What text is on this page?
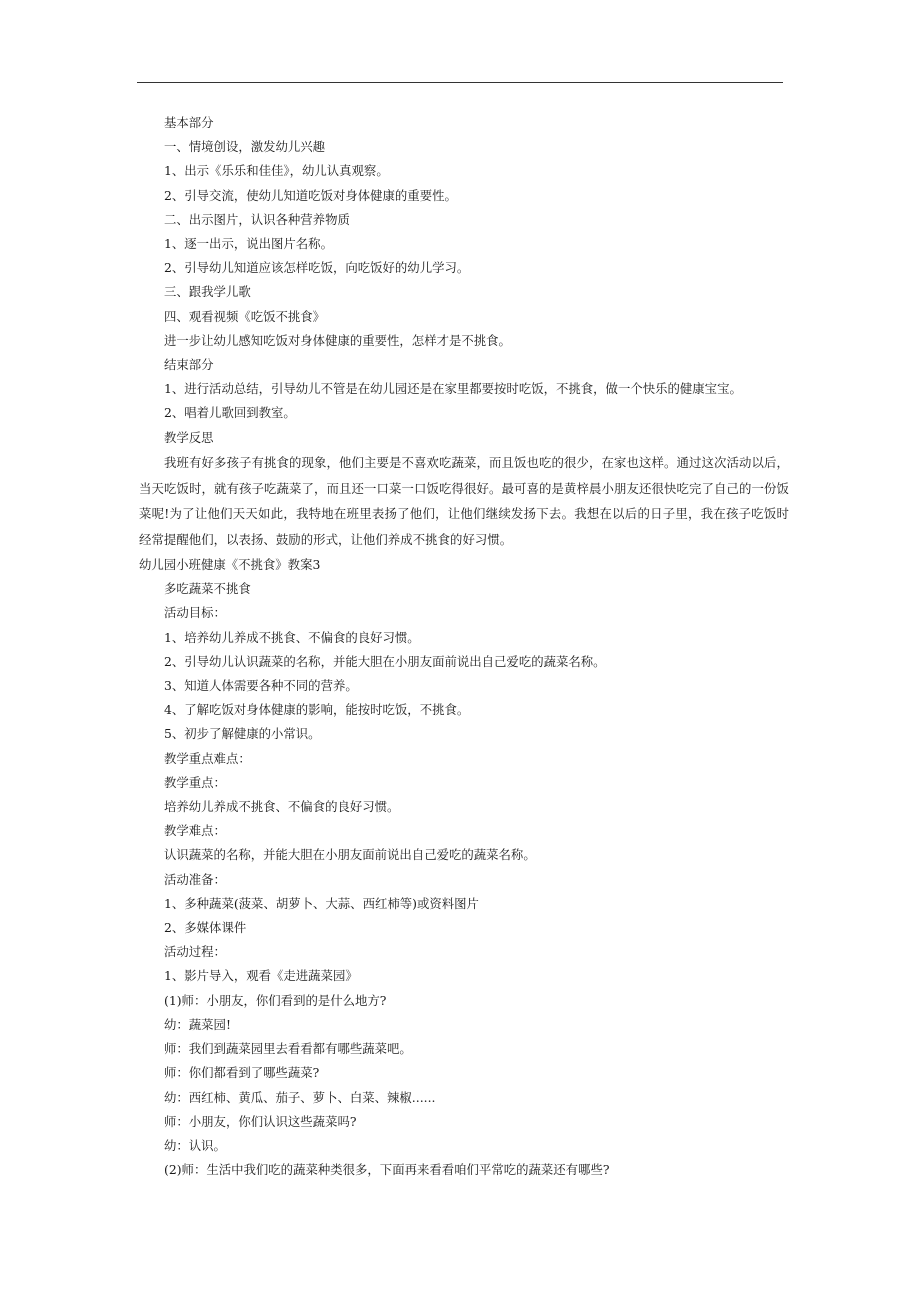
基本部分
一、情境创设，激发幼儿兴趣
1、出示《乐乐和佳佳》，幼儿认真观察。
2、引导交流，使幼儿知道吃饭对身体健康的重要性。
二、出示图片，认识各种营养物质
1、逐一出示，说出图片名称。
2、引导幼儿知道应该怎样吃饭，向吃饭好的幼儿学习。
三、跟我学儿歌
四、观看视频《吃饭不挑食》
进一步让幼儿感知吃饭对身体健康的重要性，怎样才是不挑食。
结束部分
1、进行活动总结，引导幼儿不管是在幼儿园还是在家里都要按时吃饭，不挑食，做一个快乐的健康宝宝。
2、唱着儿歌回到教室。
教学反思
我班有好多孩子有挑食的现象，他们主要是不喜欢吃蔬菜，而且饭也吃的很少，在家也这样。通过这次活动以后，当天吃饭时，就有孩子吃蔬菜了，而且还一口菜一口饭吃得很好。最可喜的是黄梓晨小朋友还很快吃完了自己的一份饭菜呢!为了让他们天天如此，我特地在班里表扬了他们，让他们继续发扬下去。我想在以后的日子里，我在孩子吃饭时经常提醒他们，以表扬、鼓励的形式，让他们养成不挑食的好习惯。
幼儿园小班健康《不挑食》教案3
多吃蔬菜不挑食
活动目标：
1、培养幼儿养成不挑食、不偏食的良好习惯。
2、引导幼儿认识蔬菜的名称，并能大胆在小朋友面前说出自己爱吃的蔬菜名称。
3、知道人体需要各种不同的营养。
4、了解吃饭对身体健康的影响，能按时吃饭，不挑食。
5、初步了解健康的小常识。
教学重点难点：
教学重点：
培养幼儿养成不挑食、不偏食的良好习惯。
教学难点：
认识蔬菜的名称，并能大胆在小朋友面前说出自己爱吃的蔬菜名称。
活动准备：
1、多种蔬菜(菠菜、胡萝卜、大蒜、西红柿等)或资料图片
2、多媒体课件
活动过程：
1、影片导入，观看《走进蔬菜园》
(1)师：小朋友，你们看到的是什么地方?
幼：蔬菜园!
师：我们到蔬菜园里去看看都有哪些蔬菜吧。
师：你们都看到了哪些蔬菜?
幼：西红柿、黄瓜、茄子、萝卜、白菜、辣椒......
师：小朋友，你们认识这些蔬菜吗?
幼：认识。
(2)师：生活中我们吃的蔬菜种类很多，下面再来看看咱们平常吃的蔬菜还有哪些?
